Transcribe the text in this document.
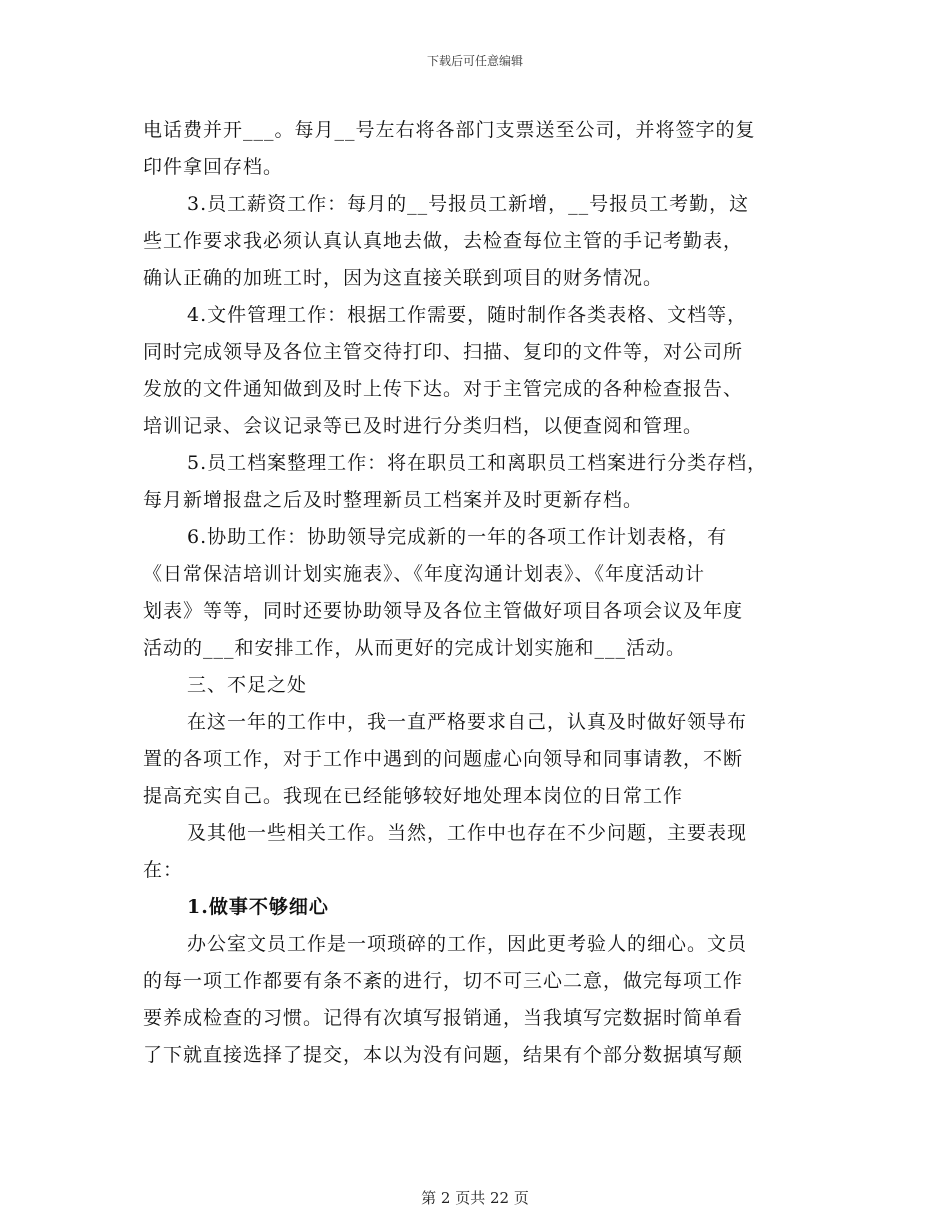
下载后可任意编辑
电话费并开___。每月__号左右将各部门支票送至公司，并将签字的复
印件拿回存档。
3.员工薪资工作：每月的__号报员工新增，__号报员工考勤，这
些工作要求我必须认真认真地去做，去检查每位主管的手记考勤表，
确认正确的加班工时，因为这直接关联到项目的财务情况。
4.文件管理工作：根据工作需要，随时制作各类表格、文档等，
同时完成领导及各位主管交待打印、扫描、复印的文件等，对公司所
发放的文件通知做到及时上传下达。对于主管完成的各种检查报告、
培训记录、会议记录等已及时进行分类归档，以便查阅和管理。
5.员工档案整理工作：将在职员工和离职员工档案进行分类存档，
每月新增报盘之后及时整理新员工档案并及时更新存档。
6.协助工作：协助领导完成新的一年的各项工作计划表格，有
《日常保洁培训计划实施表》、《年度沟通计划表》、《年度活动计
划表》等等，同时还要协助领导及各位主管做好项目各项会议及年度
活动的___和安排工作，从而更好的完成计划实施和___活动。
三、不足之处
在这一年的工作中，我一直严格要求自己，认真及时做好领导布
置的各项工作，对于工作中遇到的问题虚心向领导和同事请教，不断
提高充实自己。我现在已经能够较好地处理本岗位的日常工作
及其他一些相关工作。当然，工作中也存在不少问题，主要表现
在：
1.做事不够细心
办公室文员工作是一项琐碎的工作，因此更考验人的细心。文员
的每一项工作都要有条不紊的进行，切不可三心二意，做完每项工作
要养成检查的习惯。记得有次填写报销通，当我填写完数据时简单看
了下就直接选择了提交，本以为没有问题，结果有个部分数据填写颠
第 2 页共 22 页
